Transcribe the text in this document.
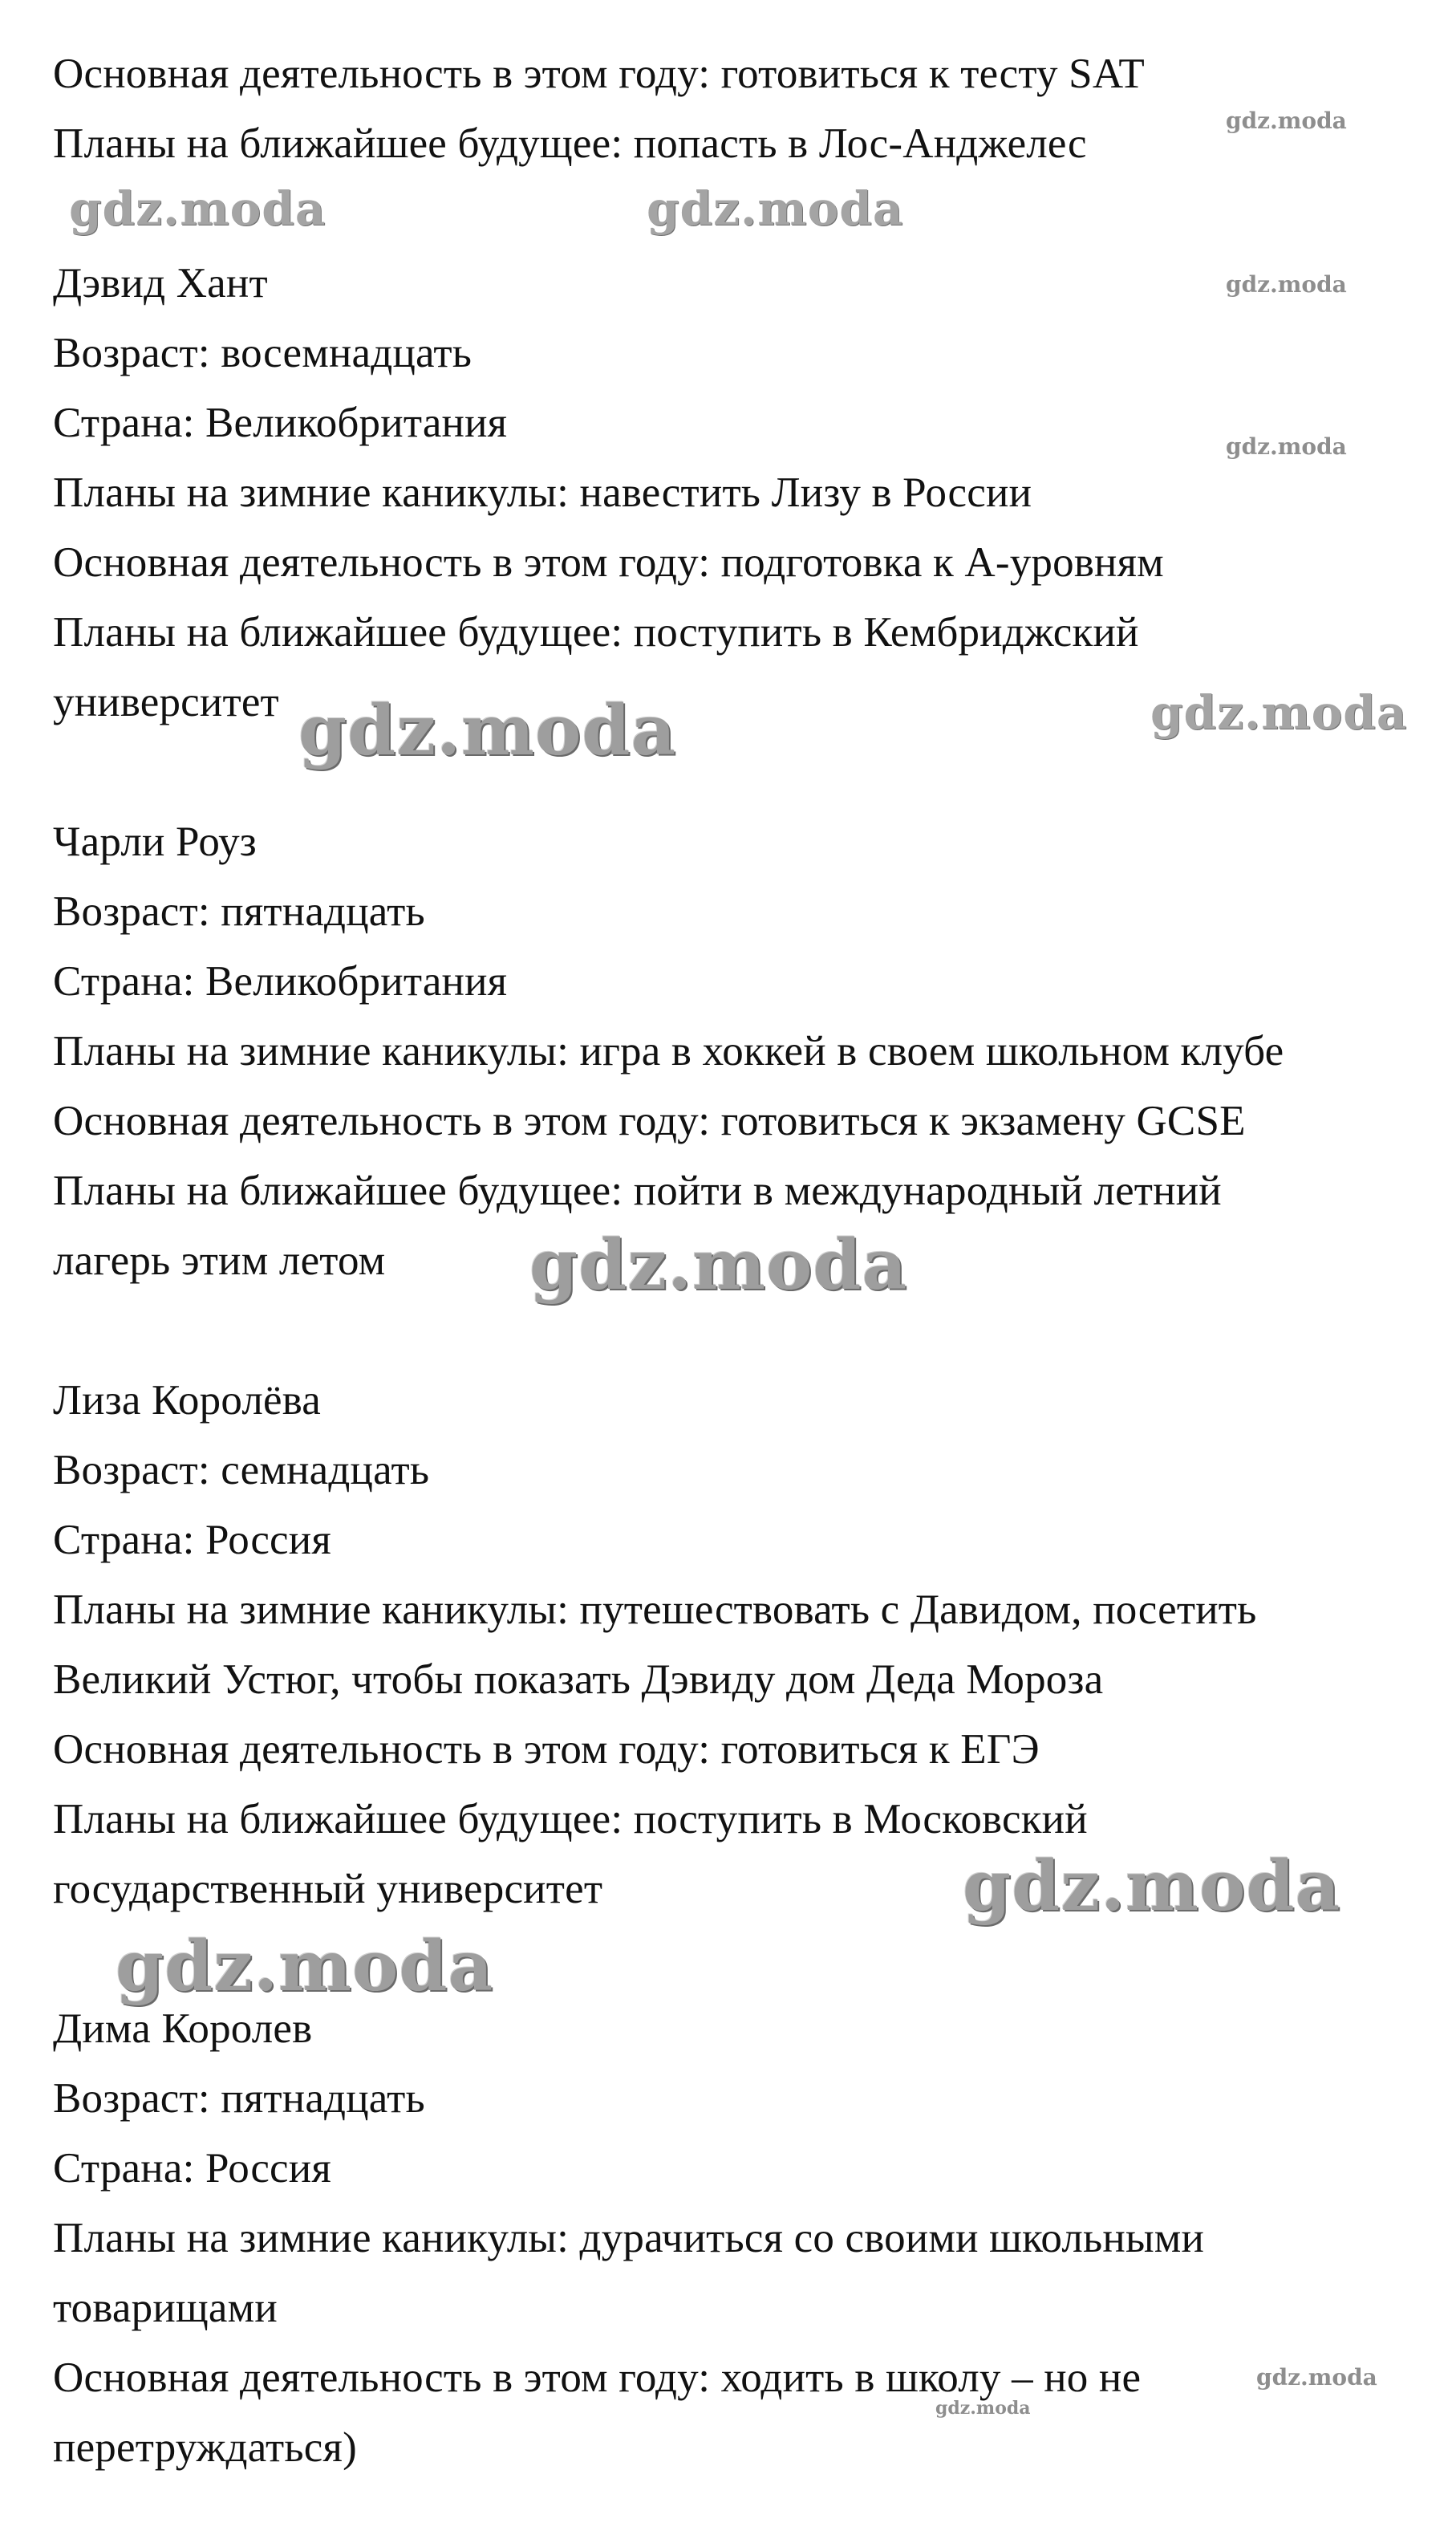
Основная деятельность в этом году: готовиться к тесту SAT
Планы на ближайшее будущее: попасть в Лос-Анджелес
Дэвид Хант
Возраст: восемнадцать
Страна: Великобритания
Планы на зимние каникулы: навестить Лизу в России
Основная деятельность в этом году: подготовка к А-уровням
Планы на ближайшее будущее: поступить в Кембриджский
университет
Чарли Роуз
Возраст: пятнадцать
Страна: Великобритания
Планы на зимние каникулы: игра в хоккей в своем школьном клубе
Основная деятельность в этом году: готовиться к экзамену GCSE
Планы на ближайшее будущее: пойти в международный летний
лагерь этим летом
Лиза Королёва
Возраст: семнадцать
Страна: Россия
Планы на зимние каникулы: путешествовать с Давидом, посетить
Великий Устюг, чтобы показать Дэвиду дом Деда Мороза
Основная деятельность в этом году: готовиться к ЕГЭ
Планы на ближайшее будущее: поступить в Московский
государственный университет
Дима Королев
Возраст: пятнадцать
Страна: Россия
Планы на зимние каникулы: дурачиться со своими школьными
товарищами
Основная деятельность в этом году: ходить в школу – но не
перетруждаться)
gdz.moda
gdz.moda	gdz.moda
gdz.moda
gdz.moda
gdz.moda	gdz.moda
gdz.moda
gdz.moda
gdz.moda
gdz.moda
gdz.moda
